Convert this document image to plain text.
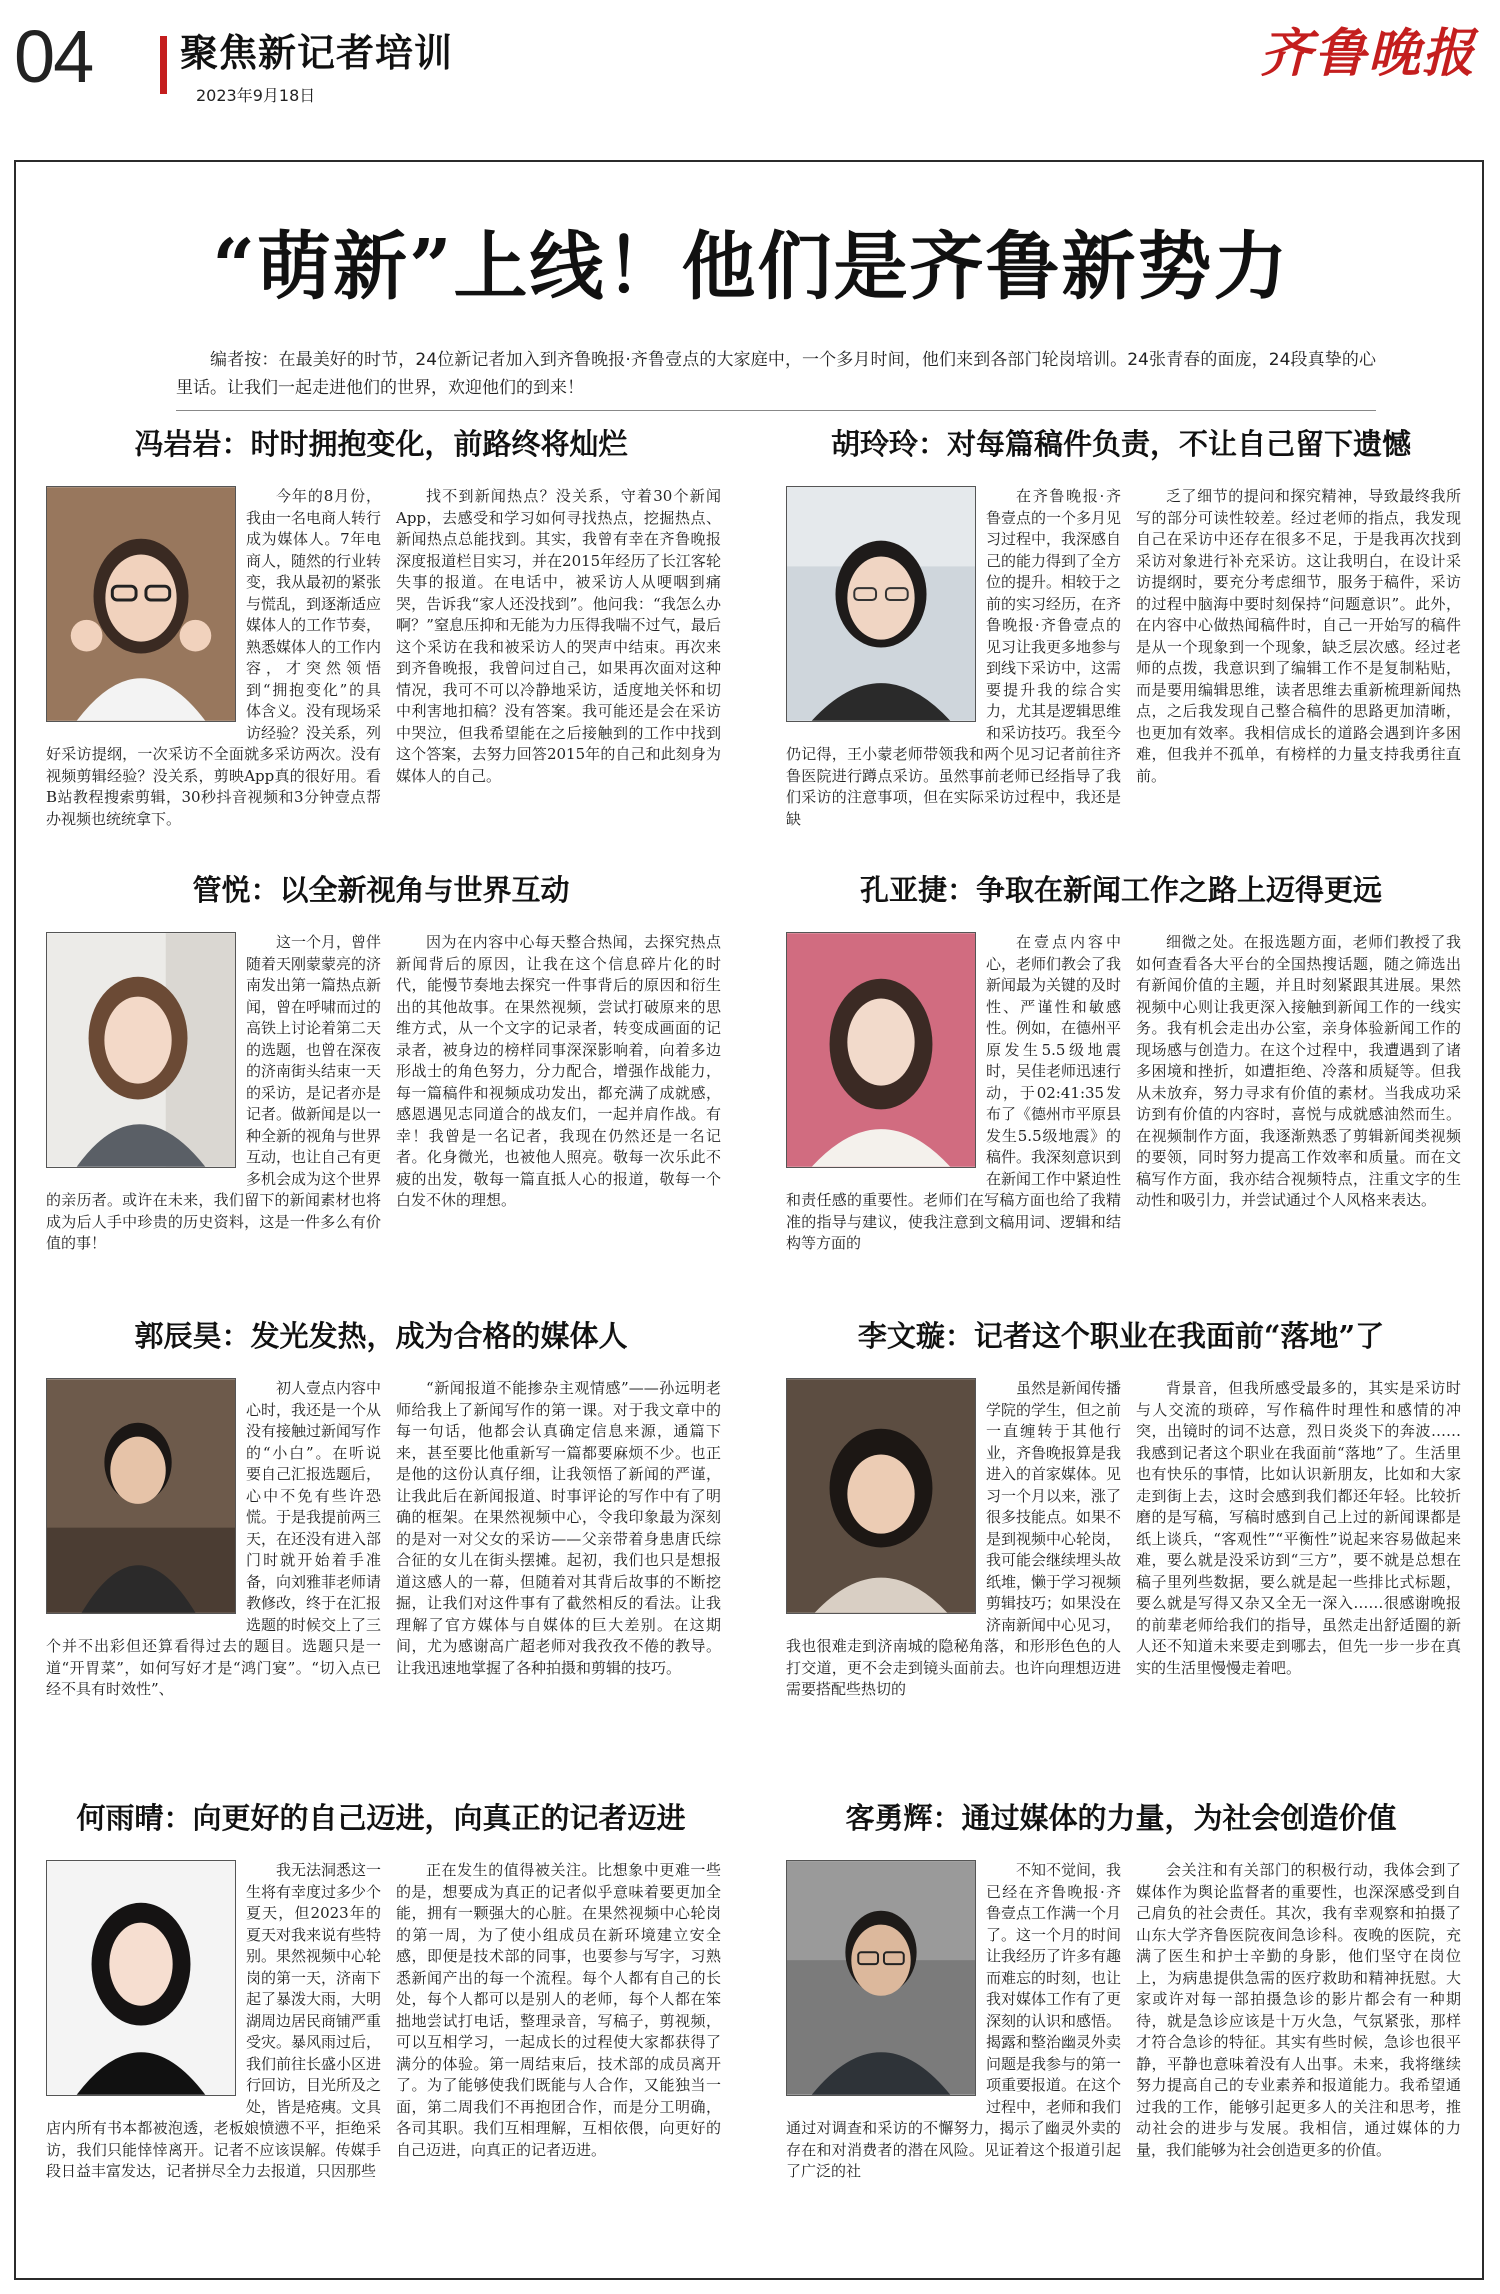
04 聚焦新记者培训
2023年9月18日
齐鲁晚报
“萌新”上线！他们是齐鲁新势力
编者按：在最美好的时节，24位新记者加入到齐鲁晚报·齐鲁壹点的大家庭中，一个多月时间，他们来到各部门轮岗培训。24张青春的面庞，24段真挚的心里话。让我们一起走进他们的世界，欢迎他们的到来！
冯岩岩：时时拥抱变化，前路终将灿烂

今年的8月份，我由一名电商人转行成为媒体人。7年电商人，随然的行业转变，我从最初的紧张与慌乱，到逐渐适应媒体人的工作节奏，熟悉媒体人的工作内容，才突然领悟到“拥抱变化”的具体含义。没有现场采访经验？没关系，列好采访提纲，一次采访不全面就多采访两次。没有视频剪辑经验？没关系，剪映App真的很好用。看B站教程搜索剪辑，30秒抖音视频和3分钟壹点帮办视频也统统拿下。

找不到新闻热点？没关系，守着30个新闻App，去感受和学习如何寻找热点，挖掘热点、新闻热点总能找到。其实，我曾有幸在齐鲁晚报深度报道栏目实习，并在2015年经历了长江客轮失事的报道。在电话中，被采访人从哽咽到痛哭，告诉我“家人还没找到”。他问我：“我怎么办啊？”窒息压抑和无能为力压得我喘不过气，最后这个采访在我和被采访人的哭声中结束。再次来到齐鲁晚报，我曾问过自己，如果再次面对这种情况，我可不可以冷静地采访，适度地关怀和切中利害地扣稿？没有答案。我可能还是会在采访中哭泣，但我希望能在之后接触到的工作中找到这个答案，去努力回答2015年的自己和此刻身为媒体人的自己。

胡玲玲：对每篇稿件负责，不让自己留下遗憾

在齐鲁晚报·齐鲁壹点的一个多月见习过程中，我深感自己的能力得到了全方位的提升。相较于之前的实习经历，在齐鲁晚报·齐鲁壹点的见习让我更多地参与到线下采访中，这需要提升我的综合实力，尤其是逻辑思维和采访技巧。我至今仍记得，王小蒙老师带领我和两个见习记者前往齐鲁医院进行蹲点采访。虽然事前老师已经指导了我们采访的注意事项，但在实际采访过程中，我还是缺

乏了细节的提问和探究精神，导致最终我所写的部分可读性较差。经过老师的指点，我发现自己在采访中还存在很多不足，于是我再次找到采访对象进行补充采访。这让我明白，在设计采访提纲时，要充分考虑细节，服务于稿件，采访的过程中脑海中要时刻保持“问题意识”。此外，在内容中心做热闻稿件时，自己一开始写的稿件是从一个现象到一个现象，缺乏层次感。经过老师的点拨，我意识到了编辑工作不是复制粘贴，而是要用编辑思维，读者思维去重新梳理新闻热点，之后我发现自己整合稿件的思路更加清晰，也更加有效率。我相信成长的道路会遇到许多困难，但我并不孤单，有榜样的力量支持我勇往直前。

管悦：以全新视角与世界互动

这一个月，曾伴随着天刚蒙蒙亮的济南发出第一篇热点新闻，曾在呼啸而过的高铁上讨论着第二天的选题，也曾在深夜的济南街头结束一天的采访，是记者亦是记者。做新闻是以一种全新的视角与世界互动，也让自己有更多机会成为这个世界的亲历者。或许在未来，我们留下的新闻素材也将成为后人手中珍贵的历史资料，这是一件多么有价值的事！

因为在内容中心每天整合热闻，去探究热点新闻背后的原因，让我在这个信息碎片化的时代，能慢节奏地去探究一件事背后的原因和衍生出的其他故事。在果然视频，尝试打破原来的思维方式，从一个文字的记录者，转变成画面的记录者，被身边的榜样同事深深影响着，向着多边形战士的角色努力，分力配合，增强作战能力，每一篇稿件和视频成功发出，都充满了成就感，感恩遇见志同道合的战友们，一起并肩作战。有幸！我曾是一名记者，我现在仍然还是一名记者。化身微光，也被他人照亮。敬每一次乐此不疲的出发，敬每一篇直抵人心的报道，敬每一个白发不休的理想。

孔亚捷：争取在新闻工作之路上迈得更远

在壹点内容中心，老师们教会了我新闻最为关键的及时性、严谨性和敏感性。例如，在德州平原发生5.5级地震时，吴佳老师迅速行动，于02:41:35发布了《德州市平原县发生5.5级地震》的稿件。我深刻意识到在新闻工作中紧迫性和责任感的重要性。老师们在写稿方面也给了我精准的指导与建议，使我注意到文稿用词、逻辑和结构等方面的

细微之处。在报选题方面，老师们教授了我如何查看各大平台的全国热搜话题，随之筛选出有新闻价值的主题，并且时刻紧跟其进展。果然视频中心则让我更深入接触到新闻工作的一线实务。我有机会走出办公室，亲身体验新闻工作的现场感与创造力。在这个过程中，我遭遇到了诸多困境和挫折，如遭拒绝、冷落和质疑等。但我从未放弃，努力寻求有价值的素材。当我成功采访到有价值的内容时，喜悦与成就感油然而生。在视频制作方面，我逐渐熟悉了剪辑新闻类视频的要领，同时努力提高工作效率和质量。而在文稿写作方面，我亦结合视频特点，注重文字的生动性和吸引力，并尝试通过个人风格来表达。

郭辰昊：发光发热，成为合格的媒体人

初人壹点内容中心时，我还是一个从没有接触过新闻写作的“小白”。在听说要自己汇报选题后，心中不免有些许恐慌。于是我提前两三天，在还没有进入部门时就开始着手准备，向刘雅菲老师请教修改，终于在汇报选题的时候交上了三个并不出彩但还算看得过去的题目。选题只是一道“开胃菜”，如何写好才是“鸿门宴”。“切入点已经不具有时效性”、

“新闻报道不能掺杂主观情感”——孙远明老师给我上了新闻写作的第一课。对于我文章中的每一句话，他都会认真确定信息来源，通篇下来，甚至要比他重新写一篇都要麻烦不少。也正是他的这份认真仔细，让我领悟了新闻的严谨，让我此后在新闻报道、时事评论的写作中有了明确的框架。在果然视频中心，令我印象最为深刻的是对一对父女的采访——父亲带着身患唐氏综合征的女儿在街头摆摊。起初，我们也只是想报道这感人的一幕，但随着对其背后故事的不断挖掘，让我们对这件事有了截然相反的看法。让我理解了官方媒体与自媒体的巨大差别。在这期间，尤为感谢高广超老师对我孜孜不倦的教导。让我迅速地掌握了各种拍摄和剪辑的技巧。

李文璇：记者这个职业在我面前“落地”了

虽然是新闻传播学院的学生，但之前一直缠转于其他行业，齐鲁晚报算是我进入的首家媒体。见习一个月以来，涨了很多技能点。如果不是到视频中心轮岗，我可能会继续埋头故纸堆，懒于学习视频剪辑技巧；如果没在济南新闻中心见习，我也很难走到济南城的隐秘角落，和形形色色的人打交道，更不会走到镜头面前去。也许向理想迈进需要搭配些热切的

背景音，但我所感受最多的，其实是采访时与人交流的琐碎，写作稿件时理性和感情的冲突，出镜时的词不达意，烈日炎炎下的奔波……我感到记者这个职业在我面前“落地”了。生活里也有快乐的事情，比如认识新朋友，比如和大家走到街上去，这时会感到我们都还年轻。比较折磨的是写稿，写稿时感到自己上过的新闻课都是纸上谈兵，“客观性”“平衡性”说起来容易做起来难，要么就是没采访到“三方”，要不就是总想在稿子里列些数据，要么就是起一些排比式标题，要么就是写得又杂又全无一深入……很感谢晚报的前辈老师给我们的指导，虽然走出舒适圈的新人还不知道未来要走到哪去，但先一步一步在真实的生活里慢慢走着吧。

何雨晴：向更好的自己迈进，向真正的记者迈进

我无法洞悉这一生将有幸度过多少个夏天，但2023年的夏天对我来说有些特别。果然视频中心轮岗的第一天，济南下起了暴泼大雨，大明湖周边居民商铺严重受灾。暴风雨过后，我们前往长盛小区进行回访，目光所及之处，皆是疮痍。文具店内所有书本都被泡透，老板娘愤懑不平，拒绝采访，我们只能悻悻离开。记者不应该误解。传媒手段日益丰富发达，记者拼尽全力去报道，只因那些

正在发生的值得被关注。比想象中更难一些的是，想要成为真正的记者似乎意味着要更加全能，拥有一颗强大的心脏。在果然视频中心轮岗的第一周，为了使小组成员在新环境建立安全感，即便是技术部的同事，也要参与写字，习熟悉新闻产出的每一个流程。每个人都有自己的长处，每个人都可以是别人的老师，每个人都在笨拙地尝试打电话，整理录音，写稿子，剪视频，可以互相学习，一起成长的过程使大家都获得了满分的体验。第一周结束后，技术部的成员离开了。为了能够使我们既能与人合作，又能独当一面，第二周我们不再抱团合作，而是分工明确，各司其职。我们互相理解，互相依偎，向更好的自己迈进，向真正的记者迈进。

客勇辉：通过媒体的力量，为社会创造价值

不知不觉间，我已经在齐鲁晚报·齐鲁壹点工作满一个月了。这一个月的时间让我经历了许多有趣而难忘的时刻，也让我对媒体工作有了更深刻的认识和感悟。揭露和整治幽灵外卖问题是我参与的第一项重要报道。在这个过程中，老师和我们通过对调查和采访的不懈努力，揭示了幽灵外卖的存在和对消费者的潜在风险。见证着这个报道引起了广泛的社

会关注和有关部门的积极行动，我体会到了媒体作为舆论监督者的重要性，也深深感受到自己肩负的社会责任。其次，我有幸观察和拍摄了山东大学齐鲁医院夜间急诊科。夜晚的医院，充满了医生和护士辛勤的身影，他们坚守在岗位上，为病患提供急需的医疗救助和精神抚慰。大家或许对每一部拍摄急诊的影片都会有一种期待，就是急诊应该是十万火急，气氛紧张，那样才符合急诊的特征。其实有些时候，急诊也很平静，平静也意味着没有人出事。未来，我将继续努力提高自己的专业素养和报道能力。我希望通过我的工作，能够引起更多人的关注和思考，推动社会的进步与发展。我相信，通过媒体的力量，我们能够为社会创造更多的价值。
